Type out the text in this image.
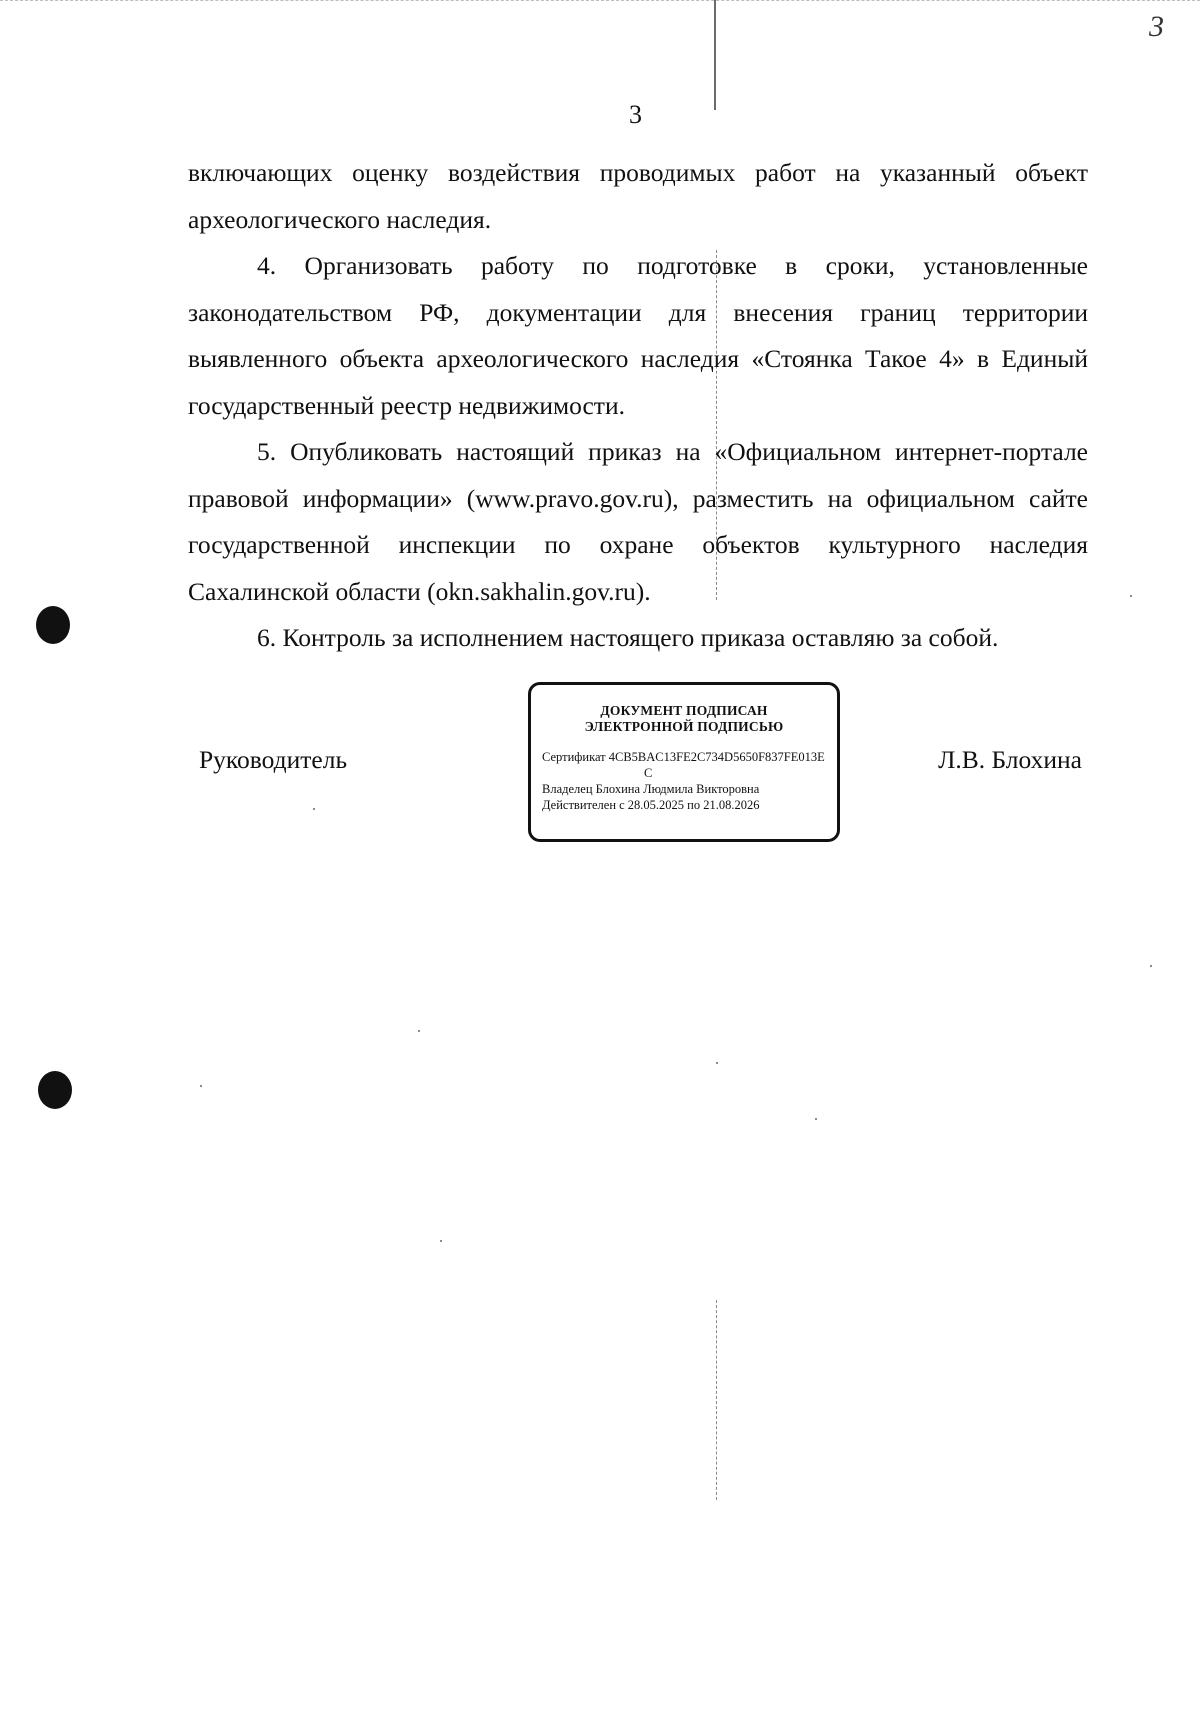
3
3

включающих оценку воздействия проводимых работ на указанный объект археологического наследия.

4. Организовать работу по подготовке в сроки, установленные законодательством РФ, документации для внесения границ территории выявленного объекта археологического наследия «Стоянка Такое 4» в Единый государственный реестр недвижимости.

5. Опубликовать настоящий приказ на «Официальном интернет-портале правовой информации» (www.pravo.gov.ru), разместить на официальном сайте государственной инспекции по охране объектов культурного наследия Сахалинской области (okn.sakhalin.gov.ru).

6. Контроль за исполнением настоящего приказа оставляю за собой.

Руководитель
ДОКУМЕНТ ПОДПИСАН
ЭЛЕКТРОННОЙ ПОДПИСЬЮ
Сертификат 4CB5BAC13FE2C734D5650F837FE013E
C
Владелец Блохина Людмила Викторовна
Действителен с 28.05.2025 по 21.08.2026
Л.В. Блохина
